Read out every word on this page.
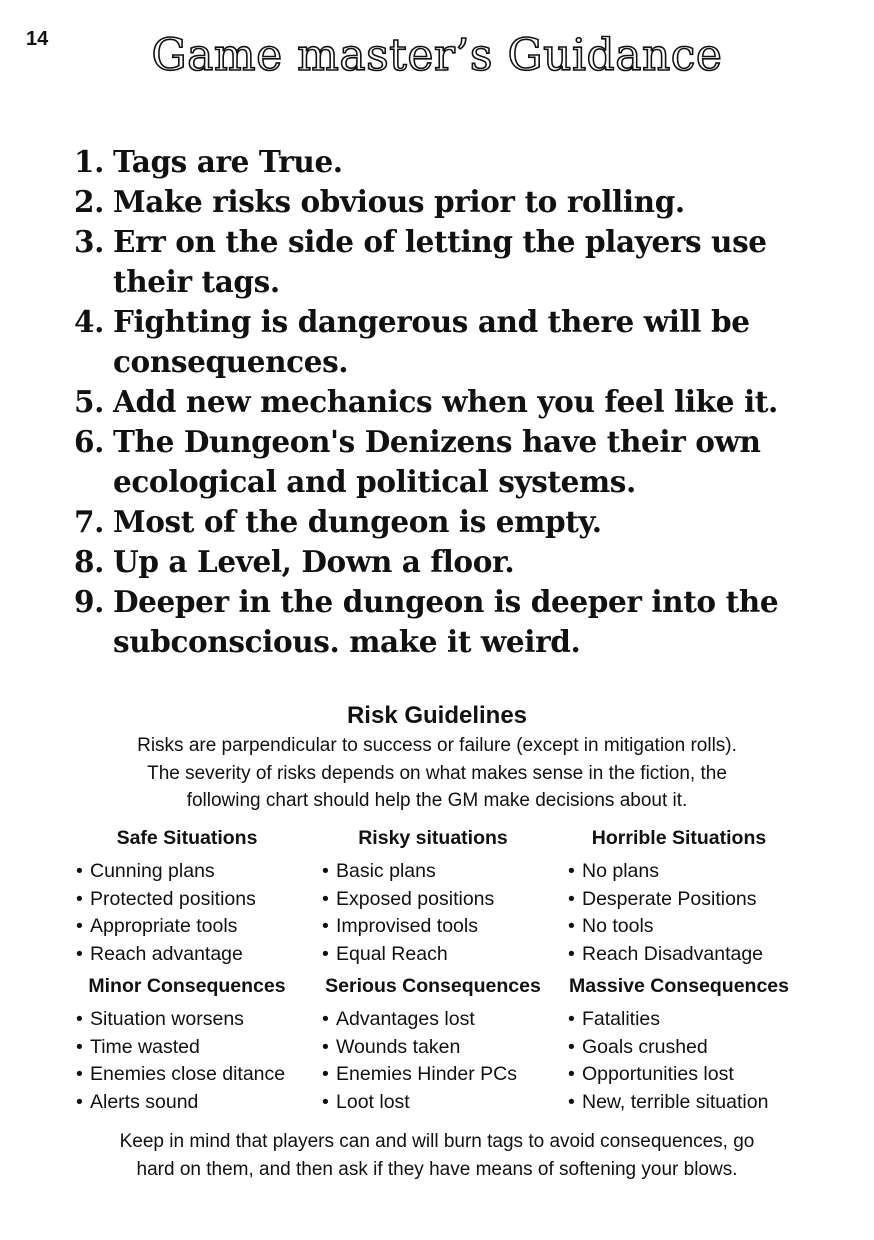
14	Game master’s Guidance
1. Tags are True.
2. Make risks obvious prior to rolling.
3. Err on the side of letting the players use their tags.
4. Fighting is dangerous and there will be consequences.
5. Add new mechanics when you feel like it.
6. The Dungeon's Denizens have their own ecological and political systems.
7. Most of the dungeon is empty.
8. Up a Level, Down a floor.
9. Deeper in the dungeon is deeper into the subconscious. make it weird.
Risk Guidelines
Risks are parpendicular to success or failure (except in mitigation rolls).
The severity of risks depends on what makes sense in the fiction, the
following chart should help the GM make decisions about it.
Safe Situations
• Cunning plans
• Protected positions
• Appropriate tools
• Reach advantage
Risky situations
• Basic plans
• Exposed positions
• Improvised tools
• Equal Reach
Horrible Situations
• No plans
• Desperate Positions
• No tools
• Reach Disadvantage
Minor Consequences
• Situation worsens
• Time wasted
• Enemies close ditance
• Alerts sound
Serious Consequences
• Advantages lost
• Wounds taken
• Enemies Hinder PCs
• Loot lost
Massive Consequences
• Fatalities
• Goals crushed
• Opportunities lost
• New, terrible situation
Keep in mind that players can and will burn tags to avoid consequences, go
hard on them, and then ask if they have means of softening your blows.
